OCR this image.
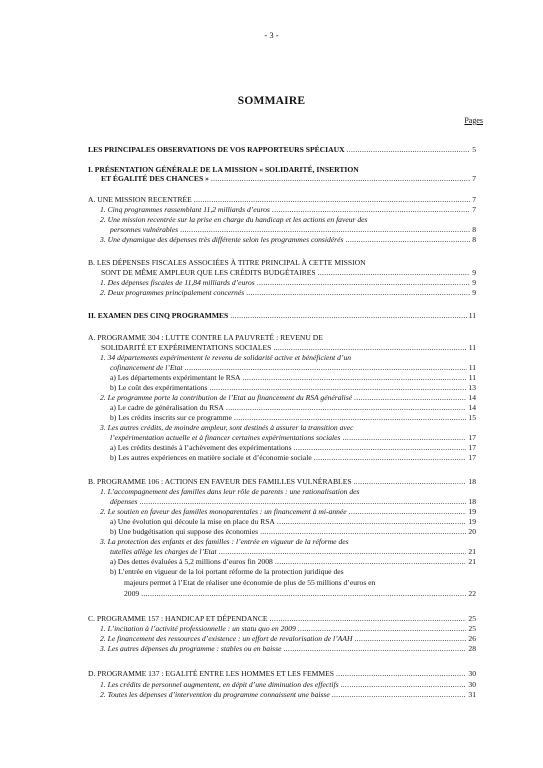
- 3 -
SOMMAIRE
Pages
LES PRINCIPALES OBSERVATIONS DE VOS RAPPORTEURS SPÉCIAUX .....	5
I. PRÉSENTATION GÉNÉRALE DE LA MISSION « SOLIDARITÉ, INSERTION
ET ÉGALITÉ DES CHANCES » .....	7
A. UNE MISSION RECENTRÉE .....	7
1. Cinq programmes rassemblant 11,2 milliards d’euros .....	7
2. Une mission recentrée sur la prise en charge du handicap et les actions en faveur des
personnes vulnérables .....	8
3. Une dynamique des dépenses très différente selon les programmes considérés .....	8
B. LES DÉPENSES FISCALES ASSOCIÉES À TITRE PRINCIPAL À CETTE MISSION
SONT DE MÊME AMPLEUR QUE LES CRÉDITS BUDGÉTAIRES .....	9
1. Des dépenses fiscales de 11,84 milliards d’euros .....	9
2. Deux programmes principalement concernés .....	9
II. EXAMEN DES CINQ PROGRAMMES .....	11
A. PROGRAMME 304 : LUTTE CONTRE LA PAUVRETÉ : REVENU DE
SOLIDARITÉ ET EXPÉRIMENTATIONS SOCIALES .....	11
1. 34 départements expérimentent le revenu de solidarité active et bénéficient d’un
cofinancement de l’Etat .....	11
a) Les départements expérimentant le RSA .....	11
b) Le coût des expérimentations .....	13
2. Le programme porte la contribution de l’Etat au financement du RSA généralisé .....	14
a) Le cadre de généralisation du RSA .....	14
b) Les crédits inscrits sur ce programme .....	15
3. Les autres crédits, de moindre ampleur, sont destinés à assurer la transition avec
l’expérimentation actuelle et à financer certaines expérimentations sociales .....	17
a) Les crédits destinés à l’achèvement des expérimentations .....	17
b) Les autres expériences en matière sociale et d’économie sociale .....	17
B. PROGRAMME 106 : ACTIONS EN FAVEUR DES FAMILLES VULNÉRABLES .....	18
1. L’accompagnement des familles dans leur rôle de parents : une rationalisation des
dépenses .....	18
2. Le soutien en faveur des familles monoparentales : un financement à mi-année .....	19
a) Une évolution qui découle la mise en place du RSA .....	19
b) Une budgétisation qui suppose des économies .....	20
3. La protection des enfants et des familles : l’entrée en vigueur de la réforme des
tutelles allège les charges de l’Etat .....	21
a) Des dettes évaluées à 5,2 millions d’euros fin 2008 .....	21
b) L’entrée en vigueur de la loi portant réforme de la protection juridique des
majeurs permet à l’Etat de réaliser une économie de plus de 55 millions d’euros en
2009 .....	22
C. PROGRAMME 157 : HANDICAP ET DÉPENDANCE .....	25
1. L’incitation à l’activité professionnelle : un statu quo en 2009 .....	25
2. Le financement des ressources d’existence : un effort de revalorisation de l’AAH .....	26
3. Les autres dépenses du programme : stables ou en baisse .....	28
D. PROGRAMME 137 : EGALITÉ ENTRE LES HOMMES ET LES FEMMES .....	30
1. Les crédits de personnel augmentent, en dépit d’une diminution des effectifs .....	30
2. Toutes les dépenses d’intervention du programme connaissent une baisse .....	31
